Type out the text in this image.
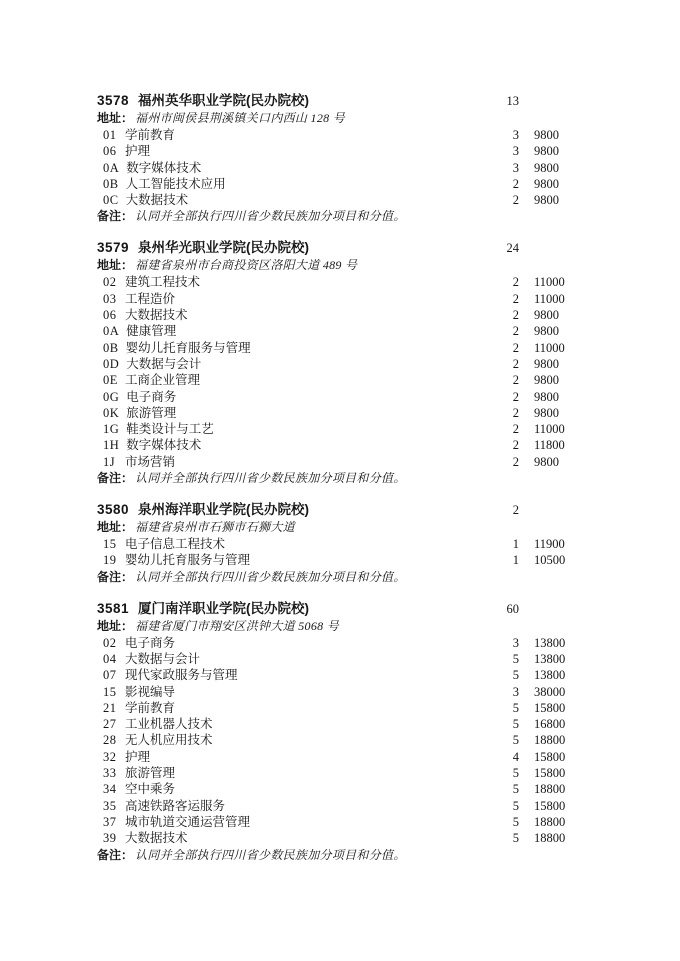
3578 福州英华职业学院(民办院校)	13
地址： 福州市闽侯县荆溪镇关口内西山 128 号
01 学前教育	3	9800
06 护理	3	9800
0A 数字媒体技术	3	9800
0B 人工智能技术应用	2	9800
0C 大数据技术	2	9800
备注： 认同并全部执行四川省少数民族加分项目和分值。
3579 泉州华光职业学院(民办院校)	24
地址： 福建省泉州市台商投资区洛阳大道 489 号
02 建筑工程技术	2	11000
03 工程造价	2	11000
06 大数据技术	2	9800
0A 健康管理	2	9800
0B 婴幼儿托育服务与管理	2	11000
0D 大数据与会计	2	9800
0E 工商企业管理	2	9800
0G 电子商务	2	9800
0K 旅游管理	2	9800
1G 鞋类设计与工艺	2	11000
1H 数字媒体技术	2	11800
1J 市场营销	2	9800
备注： 认同并全部执行四川省少数民族加分项目和分值。
3580 泉州海洋职业学院(民办院校)	2
地址： 福建省泉州市石狮市石狮大道
15 电子信息工程技术	1	11900
19 婴幼儿托育服务与管理	1	10500
备注： 认同并全部执行四川省少数民族加分项目和分值。
3581 厦门南洋职业学院(民办院校)	60
地址： 福建省厦门市翔安区洪钟大道 5068 号
02 电子商务	3	13800
04 大数据与会计	5	13800
07 现代家政服务与管理	5	13800
15 影视编导	3	38000
21 学前教育	5	15800
27 工业机器人技术	5	16800
28 无人机应用技术	5	18800
32 护理	4	15800
33 旅游管理	5	15800
34 空中乘务	5	18800
35 高速铁路客运服务	5	15800
37 城市轨道交通运营管理	5	18800
39 大数据技术	5	18800
备注： 认同并全部执行四川省少数民族加分项目和分值。
